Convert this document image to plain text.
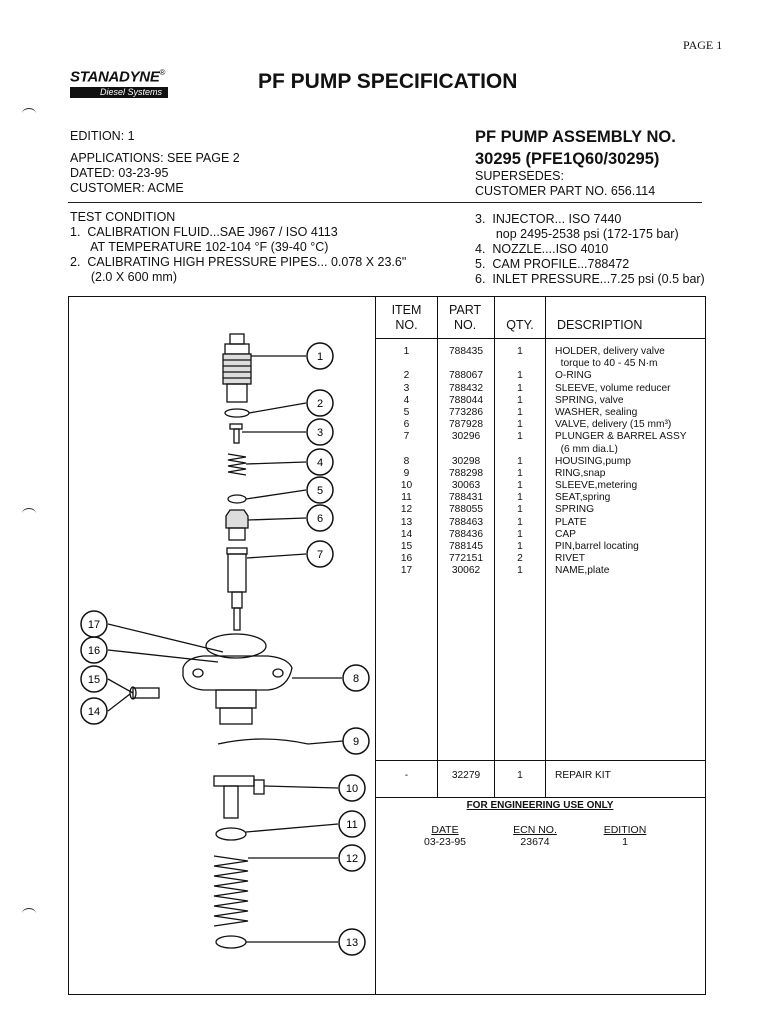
PAGE 1
STANADYNE®
Diesel Systems	PF PUMP SPECIFICATION
EDITION: 1
APPLICATIONS: SEE PAGE 2
DATED: 03-23-95
CUSTOMER: ACME
PF PUMP ASSEMBLY NO.
30295 (PFE1Q60/30295)
SUPERSEDES:
CUSTOMER PART NO. 656.114
TEST CONDITION
1.  CALIBRATION FLUID...SAE J967 / ISO 4113
AT TEMPERATURE 102-104 °F (39-40 °C)
2.  CALIBRATING HIGH PRESSURE PIPES... 0.078 X 23.6"
(2.0 X 600 mm)
3.  INJECTOR... ISO 7440
nop 2495-2538 psi (172-175 bar)
4.  NOZZLE....ISO 4010
5.  CAM PROFILE...788472
6.  INLET PRESSURE...7.25 psi (0.5 bar)
ITEM
NO.
PART
NO.	QTY.	DESCRIPTION
1	788435	1	HOLDER, delivery valve
torque to 40 - 45 N·m
2	788067	1	O-RING
3	788432	1	SLEEVE, volume reducer
4	788044	1	SPRING, valve
5	773286	1	WASHER, sealing
6	787928	1	VALVE, delivery (15 mm³)
7	30296	1	PLUNGER & BARREL ASSY
(6 mm dia.L)
8	30298	1	HOUSING,pump
9	788298	1	RING,snap
10	30063	1	SLEEVE,metering
11	788431	1	SEAT,spring
12	788055	1	SPRING
13	788463	1	PLATE
14	788436	1	CAP
15	788145	1	PIN,barrel locating
16	772151	2	RIVET
17	30062	1	NAME,plate
-	32279	1	REPAIR KIT
FOR ENGINEERING USE ONLY
DATE
03-23-95
ECN NO.
23674
EDITION
1
1
2
3
4
5
6
7
8
9
10
11
12
13
14
15
16
17
